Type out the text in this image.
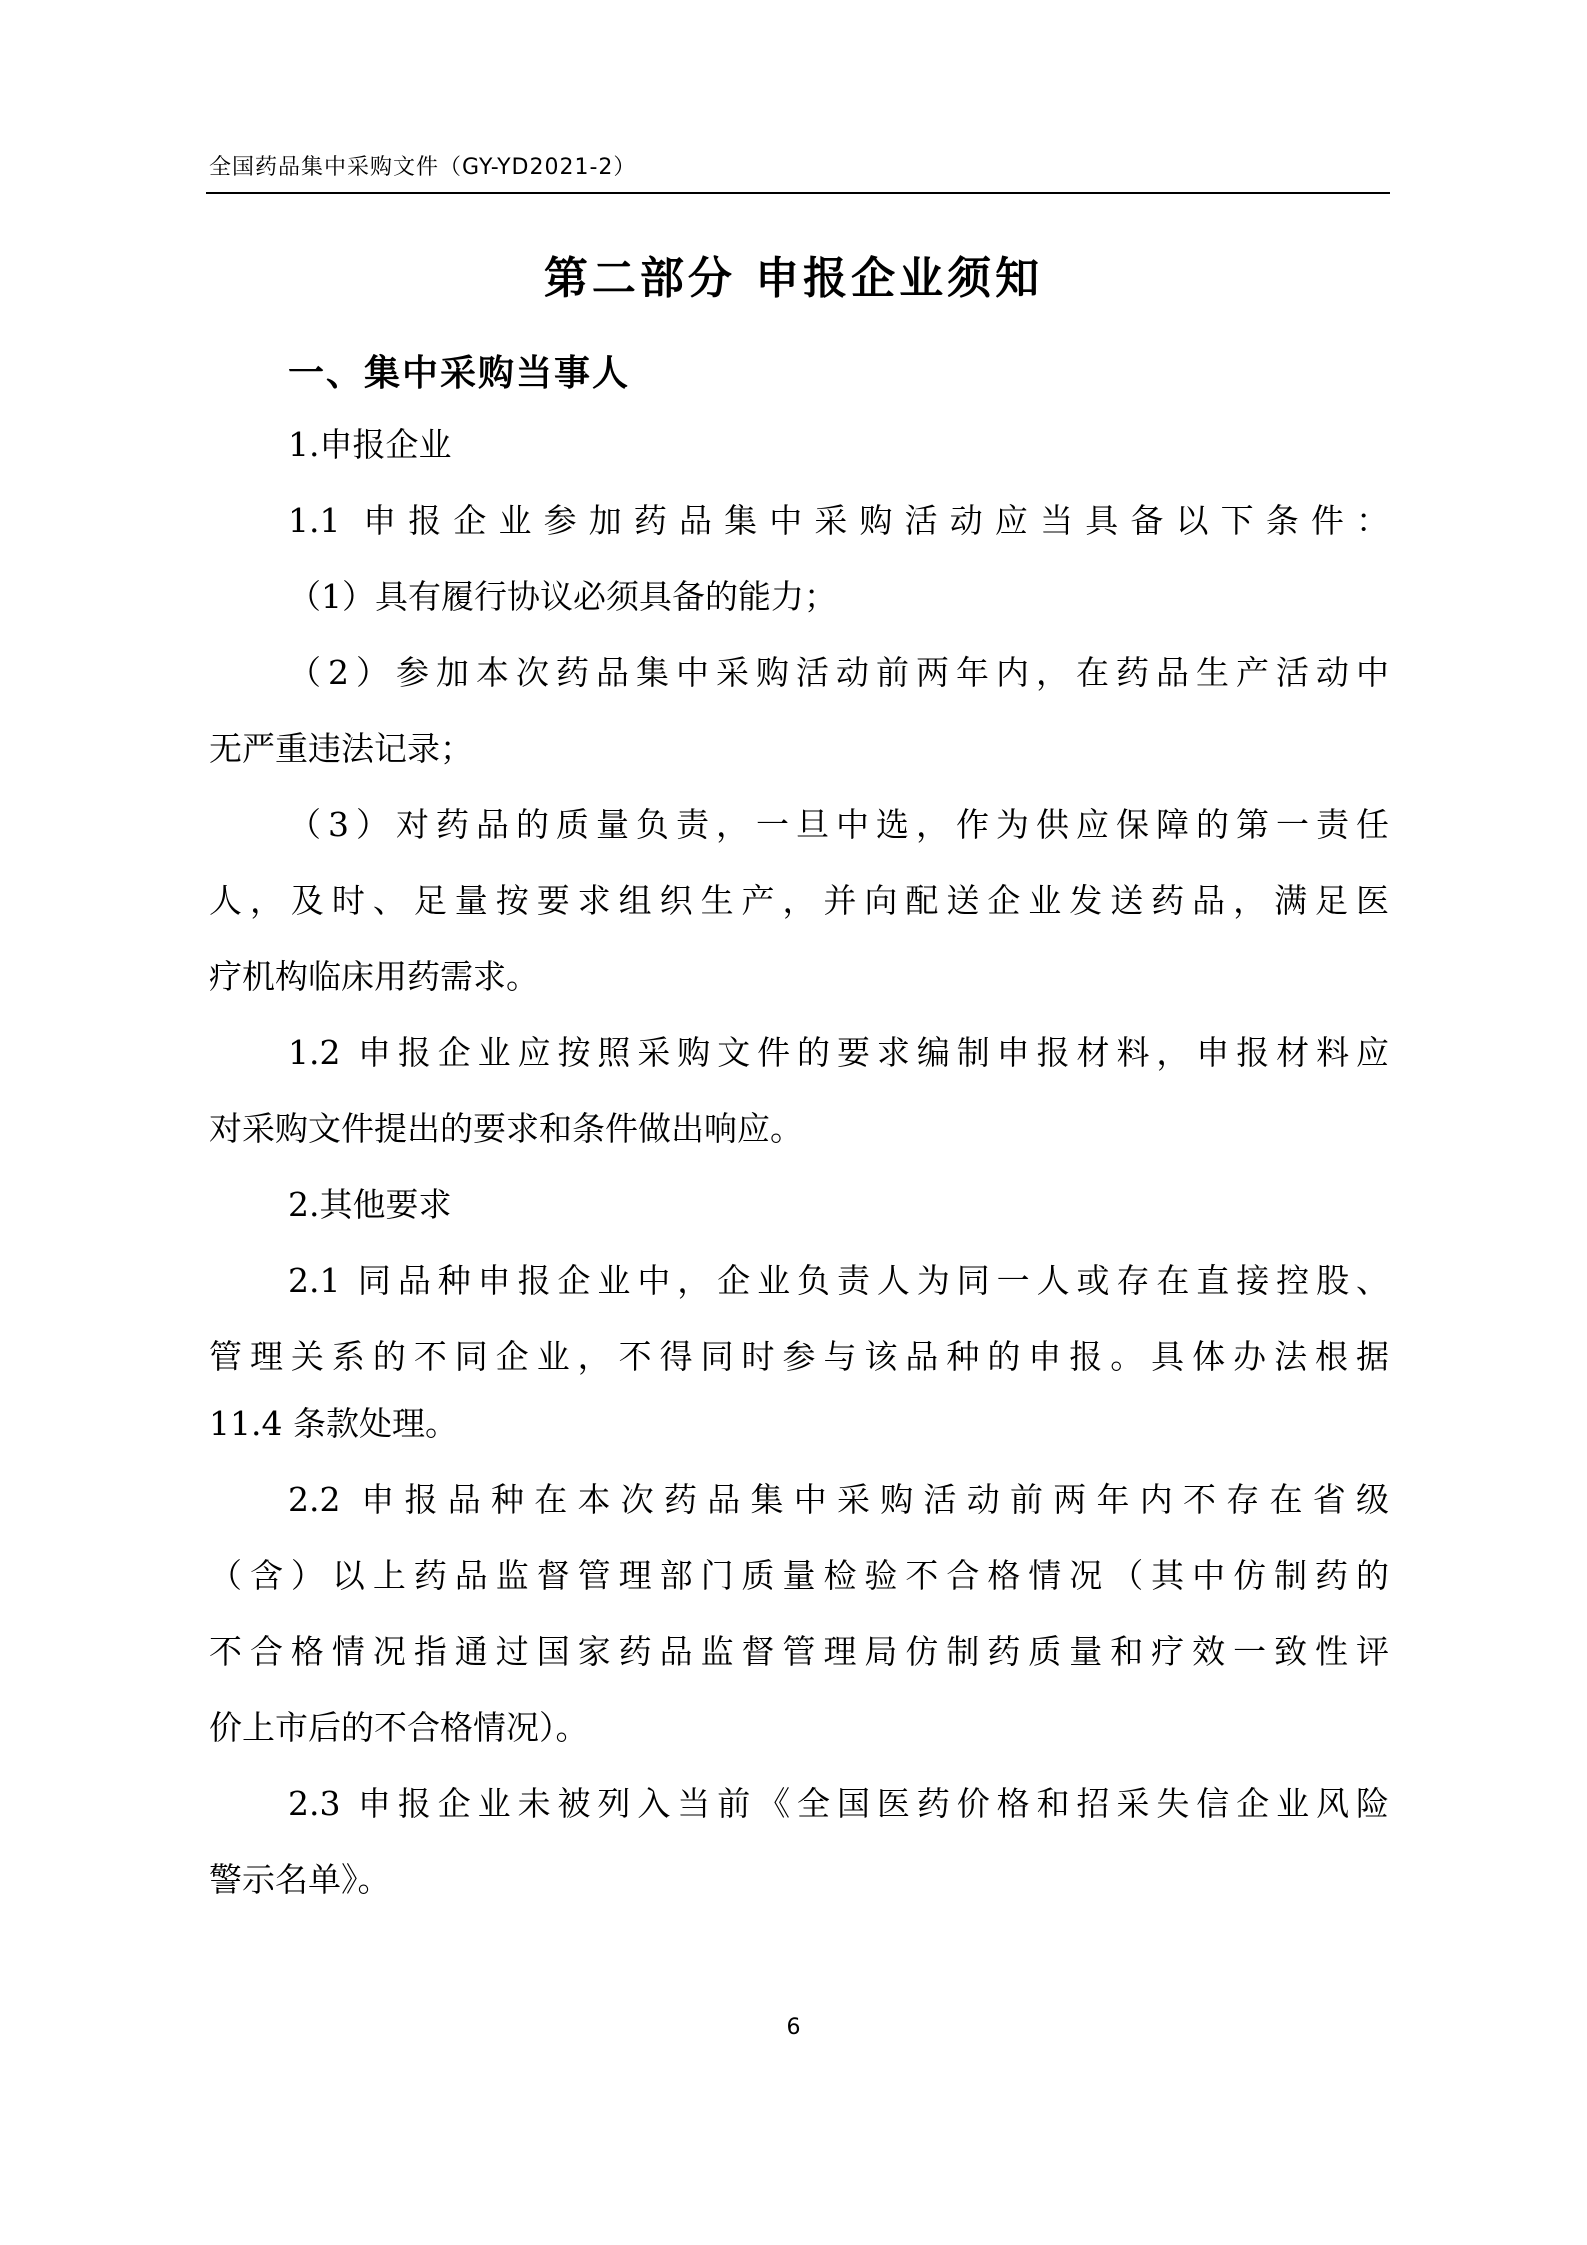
全国药品集中采购文件（GY-YD2021-2）
第二部分 申报企业须知
一、集中采购当事人
1.申报企业
1.1 申报企业参加药品集中采购活动应当具备以下条件：
（1）具有履行协议必须具备的能力；
（2）参加本次药品集中采购活动前两年内，在药品生产活动中
无严重违法记录；
（3）对药品的质量负责，一旦中选，作为供应保障的第一责任
人，及时、足量按要求组织生产，并向配送企业发送药品，满足医
疗机构临床用药需求。
1.2 申报企业应按照采购文件的要求编制申报材料，申报材料应
对采购文件提出的要求和条件做出响应。
2.其他要求
2.1 同品种申报企业中，企业负责人为同一人或存在直接控股、
管理关系的不同企业，不得同时参与该品种的申报。具体办法根据
11.4 条款处理。
2.2 申报品种在本次药品集中采购活动前两年内不存在省级
（含）以上药品监督管理部门质量检验不合格情况（其中仿制药的
不合格情况指通过国家药品监督管理局仿制药质量和疗效一致性评
价上市后的不合格情况）。
2.3 申报企业未被列入当前《全国医药价格和招采失信企业风险
警示名单》。
6
